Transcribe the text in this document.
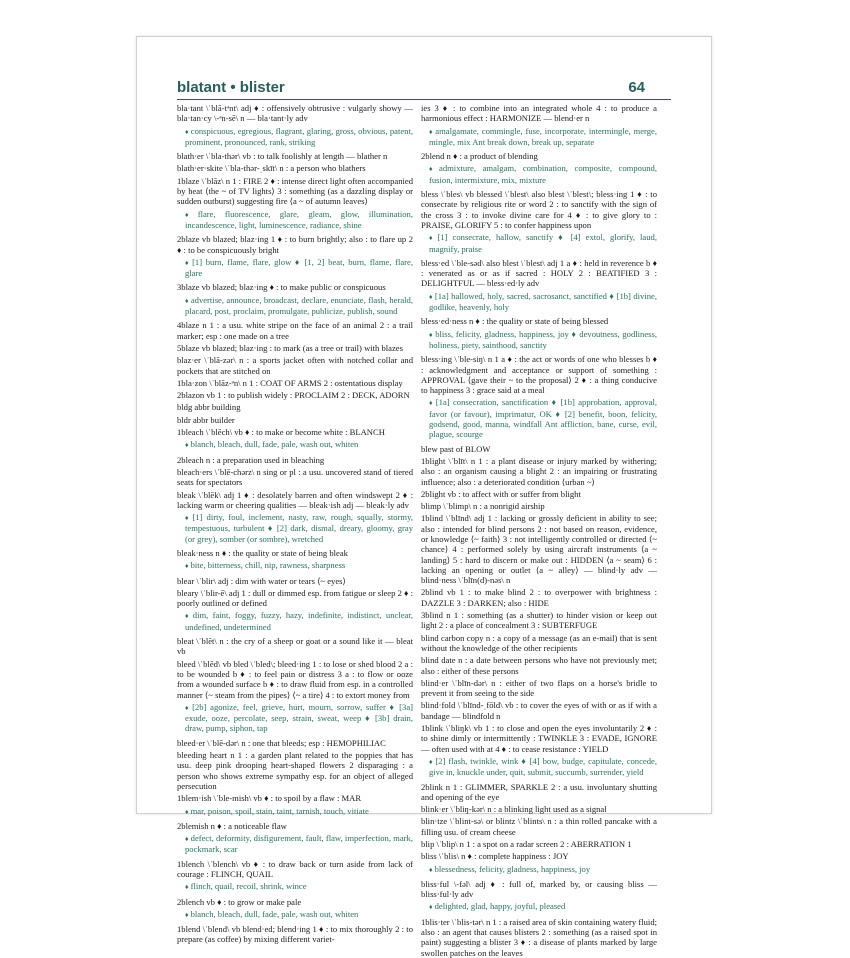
blatant • blister	64
bla·tant \ˈblā-tᵊnt\ adj ♦ : offensively obtrusive : vulgarly showy — bla·tan·cy \-ᵊn-sē\ n — bla·tant·ly adv
♦ conspicuous, egregious, flagrant, glaring, gross, obvious, patent, prominent, pronounced, rank, striking
blath·er \ˈbla-thər\ vb : to talk foolishly at length — blather n
blath·er·skite \ˈbla-thər-ˌskīt\ n : a person who blathers
1blaze \ˈblāz\ n 1 : FIRE 2 ♦ : intense direct light often accompanied by heat ⟨the ~ of TV lights⟩ 3 : something (as a dazzling display or sudden outburst) suggesting fire ⟨a ~ of autumn leaves⟩
♦ flare, fluorescence, glare, gleam, glow, illumination, incandescence, light, luminescence, radiance, shine
2blaze vb blazed; blaz·ing 1 ♦ : to burn brightly; also : to flare up 2 ♦ : to be conspicuously bright
♦ [1] burn, flame, flare, glow ♦ [1, 2] beat, burn, flame, flare, glare
3blaze vb blazed; blaz·ing ♦ : to make public or conspicuous
♦ advertise, announce, broadcast, declare, enunciate, flash, herald, placard, post, proclaim, promulgate, publicize, publish, sound
4blaze n 1 : a usu. white stripe on the face of an animal 2 : a trail marker; esp : one made on a tree
5blaze vb blazed; blaz·ing : to mark (as a tree or trail) with blazes
blaz·er \ˈblā-zər\ n : a sports jacket often with notched collar and pockets that are stitched on
1bla·zon \ˈblāz-ᵊn\ n 1 : COAT OF ARMS 2 : ostentatious display
2blazon vb 1 : to publish widely : PROCLAIM 2 : DECK, ADORN
bldg abbr building
bldr abbr builder
1bleach \ˈblēch\ vb ♦ : to make or become white : BLANCH
♦ blanch, bleach, dull, fade, pale, wash out, whiten
2bleach n : a preparation used in bleaching
bleach·ers \ˈblē-chərz\ n sing or pl : a usu. uncovered stand of tiered seats for spectators
bleak \ˈblēk\ adj 1 ♦ : desolately barren and often windswept 2 ♦ : lacking warm or cheering qualities — bleak·ish adj — bleak·ly adv
♦ [1] dirty, foul, inclement, nasty, raw, rough, squally, stormy, tempestuous, turbulent ♦ [2] dark, dismal, dreary, gloomy, gray (or grey), somber (or sombre), wretched
bleak·ness n ♦ : the quality or state of being bleak
♦ bite, bitterness, chill, nip, rawness, sharpness
blear \ˈblir\ adj : dim with water or tears ⟨~ eyes⟩
bleary \ˈblir-ē\ adj 1 : dull or dimmed esp. from fatigue or sleep 2 ♦ : poorly outlined or defined
♦ dim, faint, foggy, fuzzy, hazy, indefinite, indistinct, unclear, undefined, undetermined
bleat \ˈblēt\ n : the cry of a sheep or goat or a sound like it — bleat vb
bleed \ˈblēd\ vb bled \ˈbled\; bleed·ing 1 : to lose or shed blood 2 a : to be wounded b ♦ : to feel pain or distress 3 a : to flow or ooze from a wounded surface b ♦ : to draw fluid from esp. in a controlled manner ⟨~ steam from the pipes⟩ ⟨~ a tire⟩ 4 : to extort money from
♦ [2b] agonize, feel, grieve, hurt, mourn, sorrow, suffer ♦ [3a] exude, ooze, percolate, seep, strain, sweat, weep ♦ [3b] drain, draw, pump, siphon, tap
bleed·er \ˈblē-dər\ n : one that bleeds; esp : HEMOPHILIAC
bleeding heart n 1 : a garden plant related to the poppies that has usu. deep pink drooping heart-shaped flowers 2 disparaging : a person who shows extreme sympathy esp. for an object of alleged persecution
1blem·ish \ˈble-mish\ vb ♦ : to spoil by a flaw : MAR
♦ mar, poison, spoil, stain, taint, tarnish, touch, vitiate
2blemish n ♦ : a noticeable flaw
♦ defect, deformity, disfigurement, fault, flaw, imperfection, mark, pockmark, scar
1blench \ˈblench\ vb ♦ : to draw back or turn aside from lack of courage : FLINCH, QUAIL
♦ flinch, quail, recoil, shrink, wince
2blench vb ♦ : to grow or make pale
♦ blanch, bleach, dull, fade, pale, wash out, whiten
1blend \ˈblend\ vb blend·ed; blend·ing 1 ♦ : to mix thoroughly 2 : to prepare (as coffee) by mixing different variet-
ies 3 ♦ : to combine into an integrated whole 4 : to produce a harmonious effect : HARMONIZE — blend·er n
♦ amalgamate, commingle, fuse, incorporate, intermingle, merge, mingle, mix Ant break down, break up, separate
2blend n ♦ : a product of blending
♦ admixture, amalgam, combination, composite, compound, fusion, intermixture, mix, mixture
bless \ˈbles\ vb blessed \ˈblest\ also blest \ˈblest\; bless·ing 1 ♦ : to consecrate by religious rite or word 2 : to sanctify with the sign of the cross 3 : to invoke divine care for 4 ♦ : to give glory to : PRAISE, GLORIFY 5 : to confer happiness upon
♦ [1] consecrate, hallow, sanctify ♦ [4] extol, glorify, laud, magnify, praise
bless·ed \ˈble-səd\ also blest \ˈblest\ adj 1 a ♦ : held in reverence b ♦ : venerated as or as if sacred : HOLY 2 : BEATIFIED 3 : DELIGHTFUL — bless·ed·ly adv
♦ [1a] hallowed, holy, sacred, sacrosanct, sanctified ♦ [1b] divine, godlike, heavenly, holy
bless·ed·ness n ♦ : the quality or state of being blessed
♦ bliss, felicity, gladness, happiness, joy ♦ devoutness, godliness, holiness, piety, sainthood, sanctity
bless·ing \ˈble-siŋ\ n 1 a ♦ : the act or words of one who blesses b ♦ : acknowledgment and acceptance or support of something : APPROVAL ⟨gave their ~ to the proposal⟩ 2 ♦ : a thing conducive to happiness 3 : grace said at a meal
♦ [1a] consecration, sanctification ♦ [1b] approbation, approval, favor (or favour), imprimatur, OK ♦ [2] benefit, boon, felicity, godsend, good, manna, windfall Ant affliction, bane, curse, evil, plague, scourge
blew past of BLOW
1blight \ˈblīt\ n 1 : a plant disease or injury marked by withering; also : an organism causing a blight 2 : an impairing or frustrating influence; also : a deteriorated condition ⟨urban ~⟩
2blight vb : to affect with or suffer from blight
blimp \ˈblimp\ n : a nonrigid airship
1blind \ˈblīnd\ adj 1 : lacking or grossly deficient in ability to see; also : intended for blind persons 2 : not based on reason, evidence, or knowledge ⟨~ faith⟩ 3 : not intelligently controlled or directed ⟨~ chance⟩ 4 : performed solely by using aircraft instruments ⟨a ~ landing⟩ 5 : hard to discern or make out : HIDDEN ⟨a ~ seam⟩ 6 : lacking an opening or outlet ⟨a ~ alley⟩ — blind·ly adv — blind·ness \ˈblīn(d)-nəs\ n
2blind vb 1 : to make blind 2 : to overpower with brightness : DAZZLE 3 : DARKEN; also : HIDE
3blind n 1 : something (as a shutter) to hinder vision or keep out light 2 : a place of concealment 3 : SUBTERFUGE
blind carbon copy n : a copy of a message (as an e-mail) that is sent without the knowledge of the other recipients
blind date n : a date between persons who have not previously met; also : either of these persons
blind·er \ˈblīn-dər\ n : either of two flaps on a horse's bridle to prevent it from seeing to the side
blind·fold \ˈblīnd-ˌfōld\ vb : to cover the eyes of with or as if with a bandage — blindfold n
1blink \ˈbliŋk\ vb 1 : to close and open the eyes involuntarily 2 ♦ : to shine dimly or intermittently : TWINKLE 3 : EVADE, IGNORE — often used with at 4 ♦ : to cease resistance : YIELD
♦ [2] flash, twinkle, wink ♦ [4] bow, budge, capitulate, concede, give in, knuckle under, quit, submit, succumb, surrender, yield
2blink n 1 : GLIMMER, SPARKLE 2 : a usu. involuntary shutting and opening of the eye
blink·er \ˈbliŋ-kər\ n : a blinking light used as a signal
blin·tze \ˈblint-sə\ or blintz \ˈblints\ n : a thin rolled pancake with a filling usu. of cream cheese
blip \ˈblip\ n 1 : a spot on a radar screen 2 : ABERRATION 1
bliss \ˈblis\ n ♦ : complete happiness : JOY
♦ blessedness, felicity, gladness, happiness, joy
bliss·ful \-fəl\ adj ♦ : full of, marked by, or causing bliss — bliss·ful·ly adv
♦ delighted, glad, happy, joyful, pleased
1blis·ter \ˈblis-tər\ n 1 : a raised area of skin containing watery fluid; also : an agent that causes blisters 2 : something (as a raised spot in paint) suggesting a blister 3 ♦ : a disease of plants marked by large swollen patches on the leaves
